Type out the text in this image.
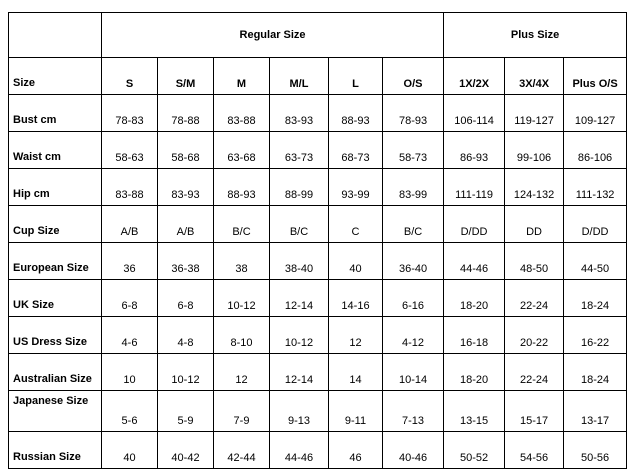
	Regular Size						Plus Size		
Size	S	S/M	M	M/L	L	O/S	1X/2X	3X/4X	Plus O/S
Bust cm	78-83	78-88	83-88	83-93	88-93	78-93	106-114	119-127	109-127
Waist cm	58-63	58-68	63-68	63-73	68-73	58-73	86-93	99-106	86-106
Hip cm	83-88	83-93	88-93	88-99	93-99	83-99	111-119	124-132	111-132
Cup Size	A/B	A/B	B/C	B/C	C	B/C	D/DD	DD	D/DD
European Size	36	36-38	38	38-40	40	36-40	44-46	48-50	44-50
UK Size	6-8	6-8	10-12	12-14	14-16	6-16	18-20	22-24	18-24
US Dress Size	4-6	4-8	8-10	10-12	12	4-12	16-18	20-22	16-22
Australian Size	10	10-12	12	12-14	14	10-14	18-20	22-24	18-24
Japanese Size	5-6	5-9	7-9	9-13	9-11	7-13	13-15	15-17	13-17
Russian Size	40	40-42	42-44	44-46	46	40-46	50-52	54-56	50-56
